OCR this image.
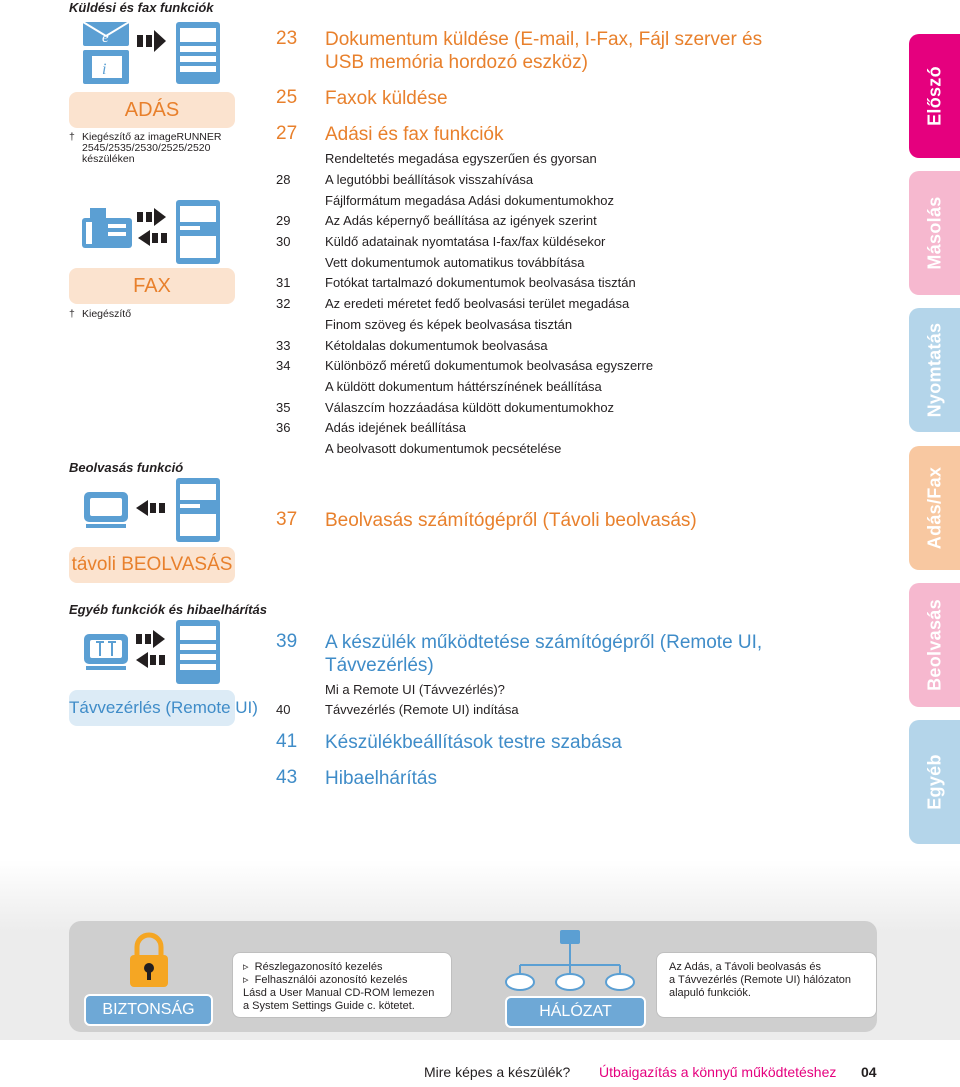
Küldési és fax funkciók
e
i
ADÁS
† Kiegészítő az imageRUNNER
2545/2535/2530/2525/2520
készüléken
FAX
† Kiegészítő
Beolvasás funkció
távoli BEOLVASÁS
Egyéb funkciók és hibaelhárítás
Távvezérlés (Remote UI)
23 Dokumentum küldése (E-mail, I-Fax, Fájl szerver és
USB memória hordozó eszköz)
25 Faxok küldése
27 Adási és fax funkciók
Rendeltetés megadása egyszerűen és gyorsan
28	A legutóbbi beállítások visszahívása
Fájlformátum megadása Adási dokumentumokhoz
29	Az Adás képernyő beállítása az igények szerint
30	Küldő adatainak nyomtatása I-fax/fax küldésekor
Vett dokumentumok automatikus továbbítása
31	Fotókat tartalmazó dokumentumok beolvasása tisztán
32	Az eredeti méretet fedő beolvasási terület megadása
Finom szöveg és képek beolvasása tisztán
33	Kétoldalas dokumentumok beolvasása
34	Különböző méretű dokumentumok beolvasása egyszerre
A küldött dokumentum háttérszínének beállítása
35	Válaszcím hozzáadása küldött dokumentumokhoz
36	Adás idejének beállítása
A beolvasott dokumentumok pecsételése
37 Beolvasás számítógépről (Távoli beolvasás)
39 A készülék működtetése számítógépről (Remote UI,
Távvezérlés)
Mi a Remote UI (Távvezérlés)?
40	Távvezérlés (Remote UI) indítása
41 Készülékbeállítások testre szabása
43 Hibaelhárítás
Előszó
Másolás
Nyomtatás
Adás/Fax
Beolvasás
Egyéb
BIZTONSÁG
▹ Részlegazonosító kezelés
▹ Felhasználói azonosító kezelés
Lásd a User Manual CD-ROM lemezen
a System Settings Guide c. kötetet.	HÁLÓZAT
Az Adás, a Távoli beolvasás és
a Távvezérlés (Remote UI) hálózaton
alapuló funkciók.
Mire képes a készülék? Útbaigazítás a könnyű működtetéshez 04
